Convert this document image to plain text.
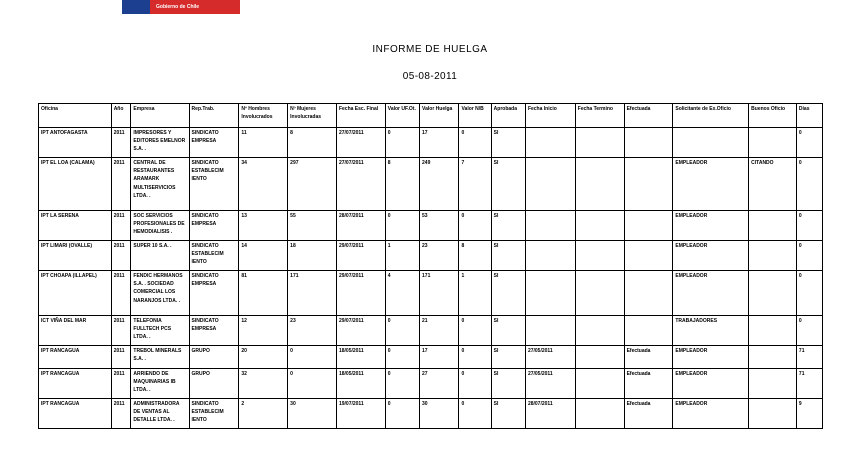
Gobierno de Chile
INFORME DE HUELGA
05-08-2011
Oficina	Año	Empresa	Rep.Trab.	Nº Hombres Involucrados	Nº Mujeres Involucradas	Fecha Esc. Final	Valor UF.Ot.	Valor Huelga	Valor N/B	Aprobada	Fecha Inicio	Fecha Termino	Efectuada	Solicitante de Ex.Oficio	Buenos Oficio	Días
IPT ANTOFAGASTA	2011	IMPRESORES Y EDITORES EMELNOR S.A. .	SINDICATO EMPRESA	11	8	27/07/2011	0	17	0	SI						0
IPT EL LOA (CALAMA)	2011	CENTRAL DE RESTAURANTES ARAMARK MULTISERVICIOS LTDA. .	SINDICATO ESTABLECIM IENTO	34	297	27/07/2011	8	249	7	SI				EMPLEADOR	CITANDO	0
IPT LA SERENA	2011	SOC SERVICIOS PROFESIONALES DE HEMODIALISIS .	SINDICATO EMPRESA	13	55	28/07/2011	0	53	0	SI				EMPLEADOR		0
IPT LIMARI (OVALLE)	2011	SUPER 10 S.A. .	SINDICATO ESTABLECIM IENTO	14	18	29/07/2011	1	23	8	SI				EMPLEADOR		0
IPT CHOAPA (ILLAPEL)	2011	FENDIC HERMANOS S.A. . SOCIEDAD COMERCIAL LOS NARANJOS LTDA. .	SINDICATO EMPRESA	81	171	29/07/2011	4	171	1	SI				EMPLEADOR		0
ICT VIÑA DEL MAR	2011	TELEFONIA FULLTECH PCS LTDA. .	SINDICATO EMPRESA	12	23	29/07/2011	0	21	0	SI				TRABAJADORES		0
IPT RANCAGUA	2011	TREBOL MINERALS S.A. .	GRUPO	20	0	18/05/2011	0	17	0	SI	27/05/2011		Efectuada	EMPLEADOR		71
IPT RANCAGUA	2011	ARRIENDO DE MAQUINARIAS IB LTDA. .	GRUPO	32	0	18/05/2011	0	27	0	SI	27/05/2011		Efectuada	EMPLEADOR		71
IPT RANCAGUA	2011	ADMINISTRADORA DE VENTAS AL DETALLE LTDA. .	SINDICATO ESTABLECIM IENTO	2	30	19/07/2011	0	30	0	SI	28/07/2011		Efectuada	EMPLEADOR		9
